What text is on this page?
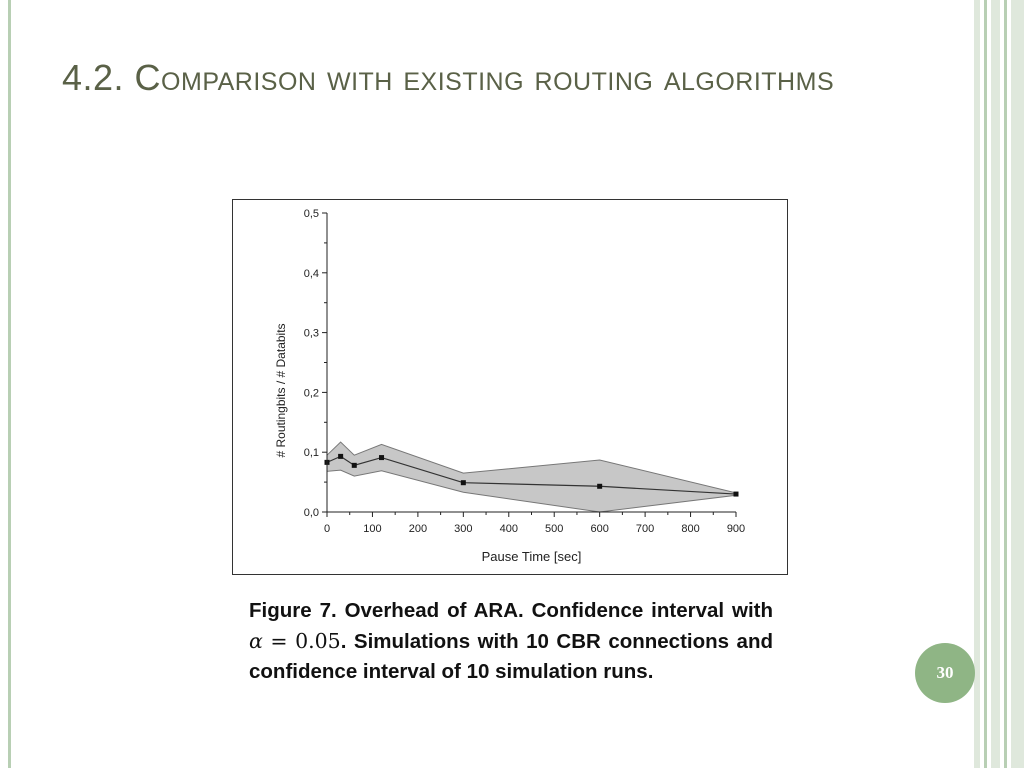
4.2. Comparison with existing routing algorithms
0,0
0,1
0,2
0,3
0,4
0,5
0	100 200 300 400 500 600 700 800 900
# Routingbits / # Databits
Pause Time [sec]
Figure 7. Overhead of ARA. Confidence interval with α = 0.05. Simulations with 10 CBR connections and confidence interval of 10 simulation runs.	30
